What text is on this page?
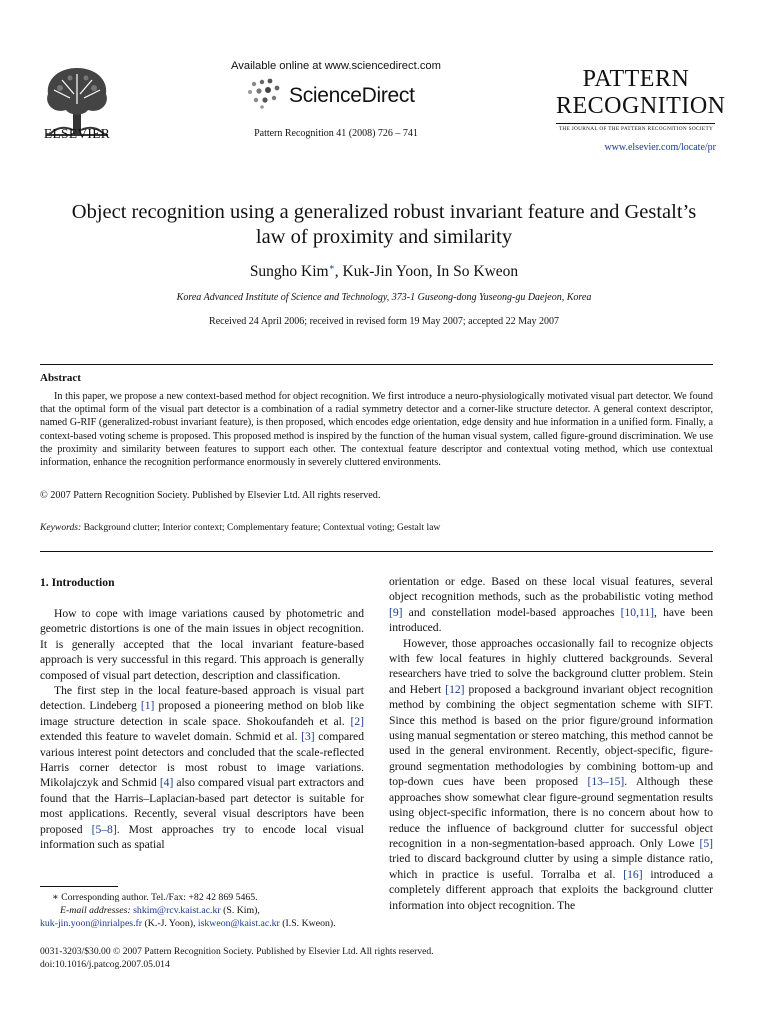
ELSEVIER
Available online at www.sciencedirect.com
ScienceDirect
Pattern Recognition 41 (2008) 726 – 741
PATTERN
RECOGNITION
THE JOURNAL OF THE PATTERN RECOGNITION SOCIETY
www.elsevier.com/locate/pr
Object recognition using a generalized robust invariant feature and Gestalt’s
law of proximity and similarity
Sungho Kim∗, Kuk-Jin Yoon, In So Kweon
Korea Advanced Institute of Science and Technology, 373-1 Guseong-dong Yuseong-gu Daejeon, Korea
Received 24 April 2006; received in revised form 19 May 2007; accepted 22 May 2007
Abstract

In this paper, we propose a new context-based method for object recognition. We first introduce a neuro-physiologically motivated visual part detector. We found that the optimal form of the visual part detector is a combination of a radial symmetry detector and a corner-like structure detector. A general context descriptor, named G-RIF (generalized-robust invariant feature), is then proposed, which encodes edge orientation, edge density and hue information in a unified form. Finally, a context-based voting scheme is proposed. This proposed method is inspired by the function of the human visual system, called figure-ground discrimination. We use the proximity and similarity between features to support each other. The contextual feature descriptor and contextual voting method, which use contextual information, enhance the recognition performance enormously in severely cluttered environments.

© 2007 Pattern Recognition Society. Published by Elsevier Ltd. All rights reserved.
Keywords: Background clutter; Interior context; Complementary feature; Contextual voting; Gestalt law
1. Introduction

How to cope with image variations caused by photometric and geometric distortions is one of the main issues in object recognition. It is generally accepted that the local invariant feature-based approach is very successful in this regard. This approach is generally composed of visual part detection, description and classification.

The first step in the local feature-based approach is visual part detection. Lindeberg [1] proposed a pioneering method on blob like image structure detection in scale space. Shokoufandeh et al. [2] extended this feature to wavelet domain. Schmid et al. [3] compared various interest point detectors and concluded that the scale-reflected Harris corner detector is most robust to image variations. Mikolajczyk and Schmid [4] also compared visual part extractors and found that the Harris–Laplacian-based part detector is suitable for most applications. Recently, several visual descriptors have been proposed [5–8]. Most approaches try to encode local visual information such as spatial

orientation or edge. Based on these local visual features, several object recognition methods, such as the probabilistic voting method [9] and constellation model-based approaches [10,11], have been introduced.

However, those approaches occasionally fail to recognize objects with few local features in highly cluttered backgrounds. Several researchers have tried to solve the background clutter problem. Stein and Hebert [12] proposed a background invariant object recognition method by combining the object segmentation scheme with SIFT. Since this method is based on the prior figure/ground information using manual segmentation or stereo matching, this method cannot be used in the general environment. Recently, object-specific, figure-ground segmentation methodologies by combining bottom-up and top-down cues have been proposed [13–15]. Although these approaches show somewhat clear figure-ground segmentation results using object-specific information, there is no concern about how to reduce the influence of background clutter for successful object recognition in a non-segmentation-based approach. Only Lowe [5] tried to discard background clutter by using a simple distance ratio, which in practice is useful. Torralba et al. [16] introduced a completely different approach that exploits the background clutter information into object recognition. The

∗ Corresponding author. Tel./Fax: +82 42 869 5465.
E-mail addresses: shkim@rcv.kaist.ac.kr (S. Kim),
kuk-jin.yoon@inrialpes.fr (K.-J. Yoon), iskweon@kaist.ac.kr (I.S. Kweon).
0031-3203/$30.00 © 2007 Pattern Recognition Society. Published by Elsevier Ltd. All rights reserved.
doi:10.1016/j.patcog.2007.05.014
